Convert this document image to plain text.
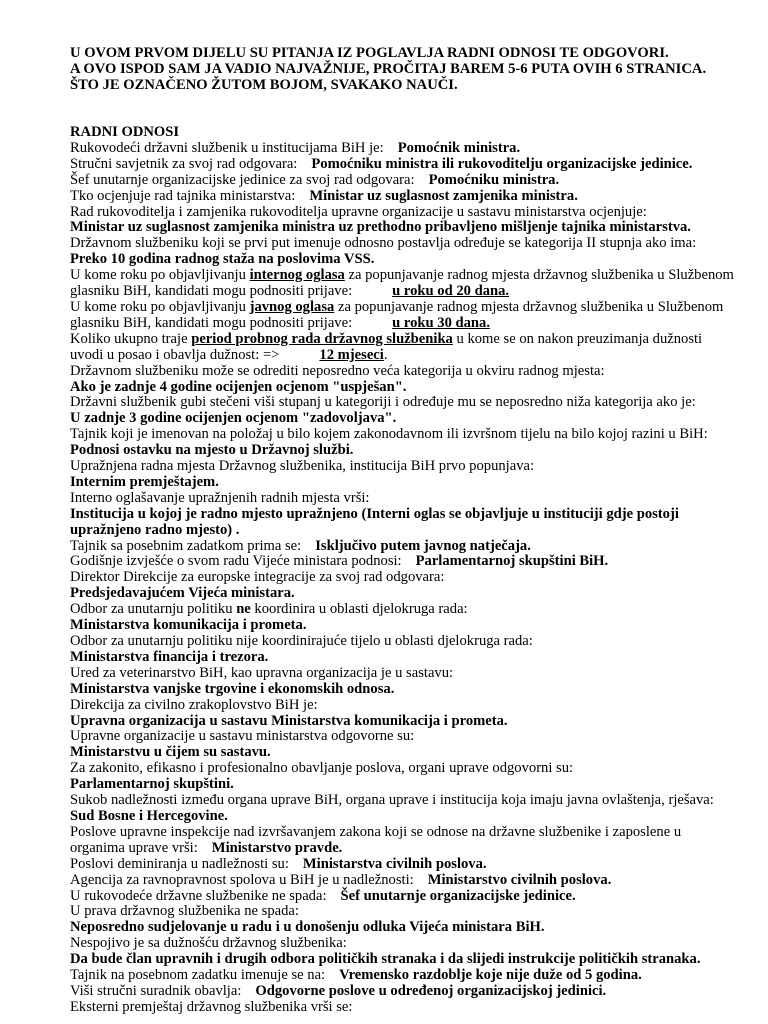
U OVOM PRVOM DIJELU SU PITANJA IZ POGLAVLJA RADNI ODNOSI TE ODGOVORI.

A OVO ISPOD SAM JA VADIO NAJVAŽNIJE, PROČITAJ BAREM 5-6 PUTA OVIH 6 STRANICA.

ŠTO JE OZNAČENO ŽUTOM BOJOM, SVAKAKO NAUČI.

RADNI ODNOSI

Rukovodeći državni službenik u institucijama BiH je: Pomoćnik ministra.

Stručni savjetnik za svoj rad odgovara: Pomoćniku ministra ili rukovoditelju organizacijske jedinice.

Šef unutarnje organizacijske jedinice za svoj rad odgovara: Pomoćniku ministra.

Tko ocjenjuje rad tajnika ministarstva: Ministar uz suglasnost zamjenika ministra.

Rad rukovoditelja i zamjenika rukovoditelja upravne organizacije u sastavu ministarstva ocjenjuje:

Ministar uz suglasnost zamjenika ministra uz prethodno pribavljeno mišljenje tajnika ministarstva.

Državnom službeniku koji se prvi put imenuje odnosno postavlja određuje se kategorija II stupnja ako ima:

Preko 10 godina radnog staža na poslovima VSS.

U kome roku po objavljivanju internog oglasa za popunjavanje radnog mjesta državnog službenika u Službenom

glasniku BiH, kandidati mogu podnositi prijave:	u roku od 20 dana.

U kome roku po objavljivanju javnog oglasa za popunjavanje radnog mjesta državnog službenika u Službenom

glasniku BiH, kandidati mogu podnositi prijave:	u roku 30 dana.

Koliko ukupno traje period probnog rada državnog službenika u kome se on nakon preuzimanja dužnosti

uvodi u posao i obavlja dužnost: =>	12 mjeseci.

Državnom službeniku može se odrediti neposredno veća kategorija u okviru radnog mjesta:

Ako je zadnje 4 godine ocijenjen ocjenom "uspješan".

Državni službenik gubi stečeni viši stupanj u kategoriji i određuje mu se neposredno niža kategorija ako je:

U zadnje 3 godine ocijenjen ocjenom "zadovoljava".

Tajnik koji je imenovan na položaj u bilo kojem zakonodavnom ili izvršnom tijelu na bilo kojoj razini u BiH:

Podnosi ostavku na mjesto u Državnoj službi.

Upražnjena radna mjesta Državnog službenika, institucija BiH prvo popunjava:

Internim premještajem.

Interno oglašavanje upražnjenih radnih mjesta vrši:

Institucija u kojoj je radno mjesto upražnjeno (Interni oglas se objavljuje u instituciji gdje postoji

upražnjeno radno mjesto) .

Tajnik sa posebnim zadatkom prima se: Isključivo putem javnog natječaja.

Godišnje izvješće o svom radu Vijeće ministara podnosi: Parlamentarnoj skupštini BiH.

Direktor Direkcije za europske integracije za svoj rad odgovara:

Predsjedavajućem Vijeća ministara.

Odbor za unutarnju politiku ne koordinira u oblasti djelokruga rada:

Ministarstva komunikacija i prometa.

Odbor za unutarnju politiku nije koordinirajuće tijelo u oblasti djelokruga rada:

Ministarstva financija i trezora.

Ured za veterinarstvo BiH, kao upravna organizacija je u sastavu:

Ministarstva vanjske trgovine i ekonomskih odnosa.

Direkcija za civilno zrakoplovstvo BiH je:

Upravna organizacija u sastavu Ministarstva komunikacija i prometa.

Upravne organizacije u sastavu ministarstva odgovorne su:

Ministarstvu u čijem su sastavu.

Za zakonito, efikasno i profesionalno obavljanje poslova, organi uprave odgovorni su:

Parlamentarnoj skupštini.

Sukob nadležnosti između organa uprave BiH, organa uprave i institucija koja imaju javna ovlaštenja, rješava:

Sud Bosne i Hercegovine.

Poslove upravne inspekcije nad izvršavanjem zakona koji se odnose na državne službenike i zaposlene u

organima uprave vrši: Ministarstvo pravde.

Poslovi deminiranja u nadležnosti su: Ministarstva civilnih poslova.

Agencija za ravnopravnost spolova u BiH je u nadležnosti: Ministarstvo civilnih poslova.

U rukovodeće državne službenike ne spada: Šef unutarnje organizacijske jedinice.

U prava državnog službenika ne spada:

Neposredno sudjelovanje u radu i u donošenju odluka Vijeća ministara BiH.

Nespojivo je sa dužnošću državnog službenika:

Da bude član upravnih i drugih odbora političkih stranaka i da slijedi instrukcije političkih stranaka.

Tajnik na posebnom zadatku imenuje se na: Vremensko razdoblje koje nije duže od 5 godina.

Viši stručni suradnik obavlja: Odgovorne poslove u određenoj organizacijskoj jedinici.

Eksterni premještaj državnog službenika vrši se:
